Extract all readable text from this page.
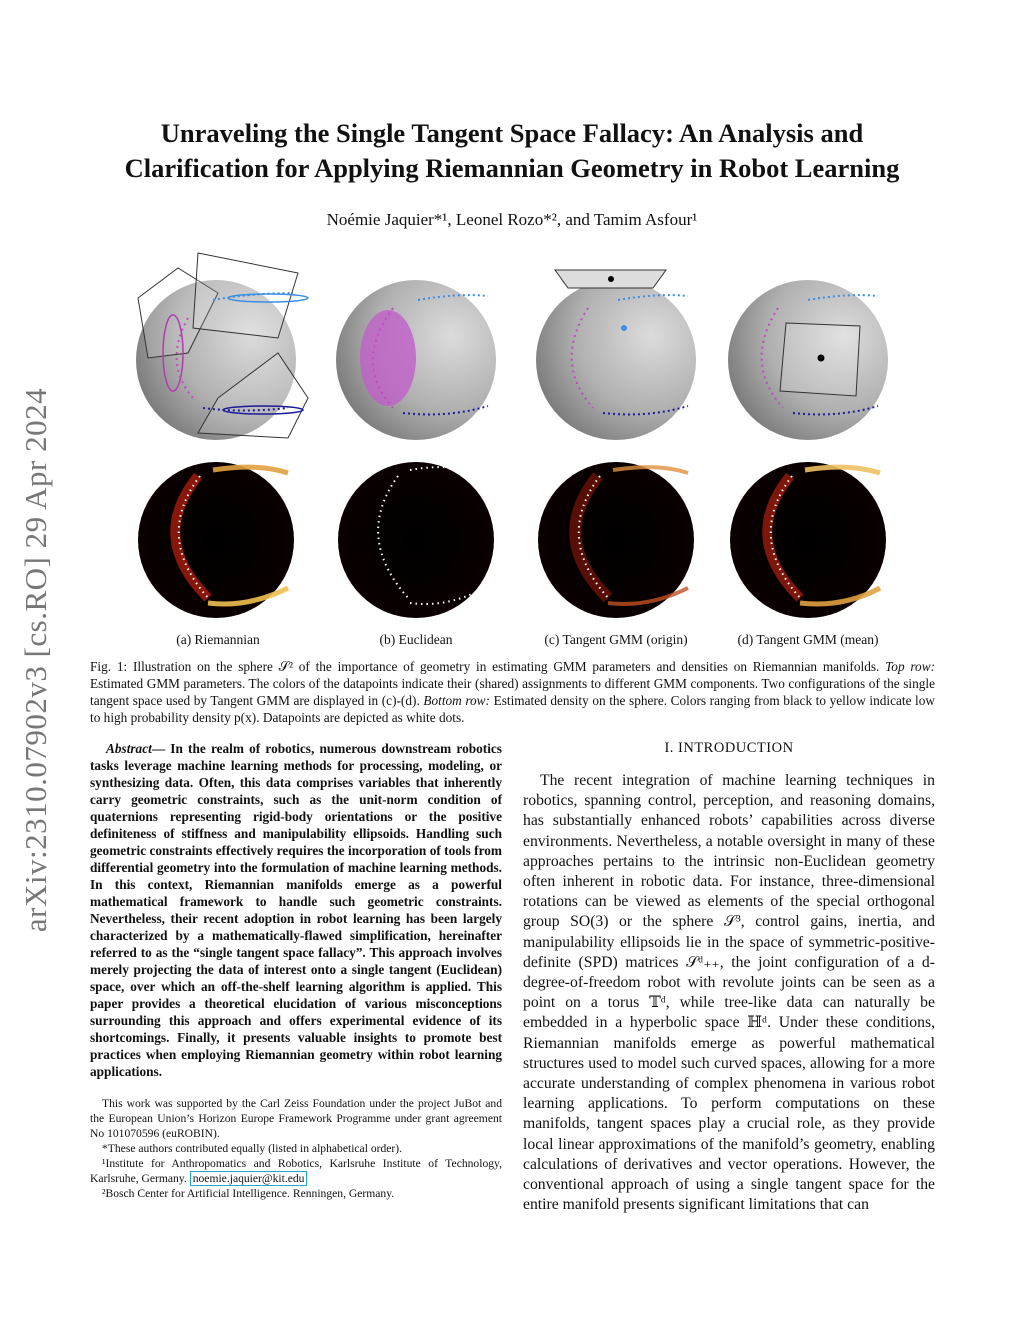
arXiv:2310.07902v3 [cs.RO] 29 Apr 2024
Unraveling the Single Tangent Space Fallacy: An Analysis and
Clarification for Applying Riemannian Geometry in Robot Learning
Noémie Jaquier*¹, Leonel Rozo*², and Tamim Asfour¹
(a) Riemannian	(b) Euclidean	(c) Tangent GMM (origin)	(d) Tangent GMM (mean)
Fig. 1: Illustration on the sphere 𝒮² of the importance of geometry in estimating GMM parameters and densities on Riemannian manifolds. Top row: Estimated GMM parameters. The colors of the datapoints indicate their (shared) assignments to different GMM components. Two configurations of the single tangent space used by Tangent GMM are displayed in (c)-(d). Bottom row: Estimated density on the sphere. Colors ranging from black to yellow indicate low to high probability density p(x). Datapoints are depicted as white dots.

Abstract— In the realm of robotics, numerous downstream robotics tasks leverage machine learning methods for processing, modeling, or synthesizing data. Often, this data comprises variables that inherently carry geometric constraints, such as the unit-norm condition of quaternions representing rigid-body orientations or the positive definiteness of stiffness and manipulability ellipsoids. Handling such geometric constraints effectively requires the incorporation of tools from differential geometry into the formulation of machine learning methods. In this context, Riemannian manifolds emerge as a powerful mathematical framework to handle such geometric constraints. Nevertheless, their recent adoption in robot learning has been largely characterized by a mathematically-flawed simplification, hereinafter referred to as the “single tangent space fallacy”. This approach involves merely projecting the data of interest onto a single tangent (Euclidean) space, over which an off-the-shelf learning algorithm is applied. This paper provides a theoretical elucidation of various misconceptions surrounding this approach and offers experimental evidence of its shortcomings. Finally, it presents valuable insights to promote best practices when employing Riemannian geometry within robot learning applications.

This work was supported by the Carl Zeiss Foundation under the project JuBot and the European Union’s Horizon Europe Framework Programme under grant agreement No 101070596 (euROBIN).

*These authors contributed equally (listed in alphabetical order).

¹Institute for Anthropomatics and Robotics, Karlsruhe Institute of Technology, Karlsruhe, Germany. noemie.jaquier@kit.edu

²Bosch Center for Artificial Intelligence. Renningen, Germany.

I. INTRODUCTION

The recent integration of machine learning techniques in robotics, spanning control, perception, and reasoning domains, has substantially enhanced robots’ capabilities across diverse environments. Nevertheless, a notable oversight in many of these approaches pertains to the intrinsic non-Euclidean geometry often inherent in robotic data. For instance, three-dimensional rotations can be viewed as elements of the special orthogonal group SO(3) or the sphere 𝒮³, control gains, inertia, and manipulability ellipsoids lie in the space of symmetric-positive-definite (SPD) matrices 𝒮ᵈ₊₊, the joint configuration of a d-degree-of-freedom robot with revolute joints can be seen as a point on a torus 𝕋ᵈ, while tree-like data can naturally be embedded in a hyperbolic space ℍᵈ. Under these conditions, Riemannian manifolds emerge as powerful mathematical structures used to model such curved spaces, allowing for a more accurate understanding of complex phenomena in various robot learning applications. To perform computations on these manifolds, tangent spaces play a crucial role, as they provide local linear approximations of the manifold’s geometry, enabling calculations of derivatives and vector operations. However, the conventional approach of using a single tangent space for the entire manifold presents significant limitations that can
